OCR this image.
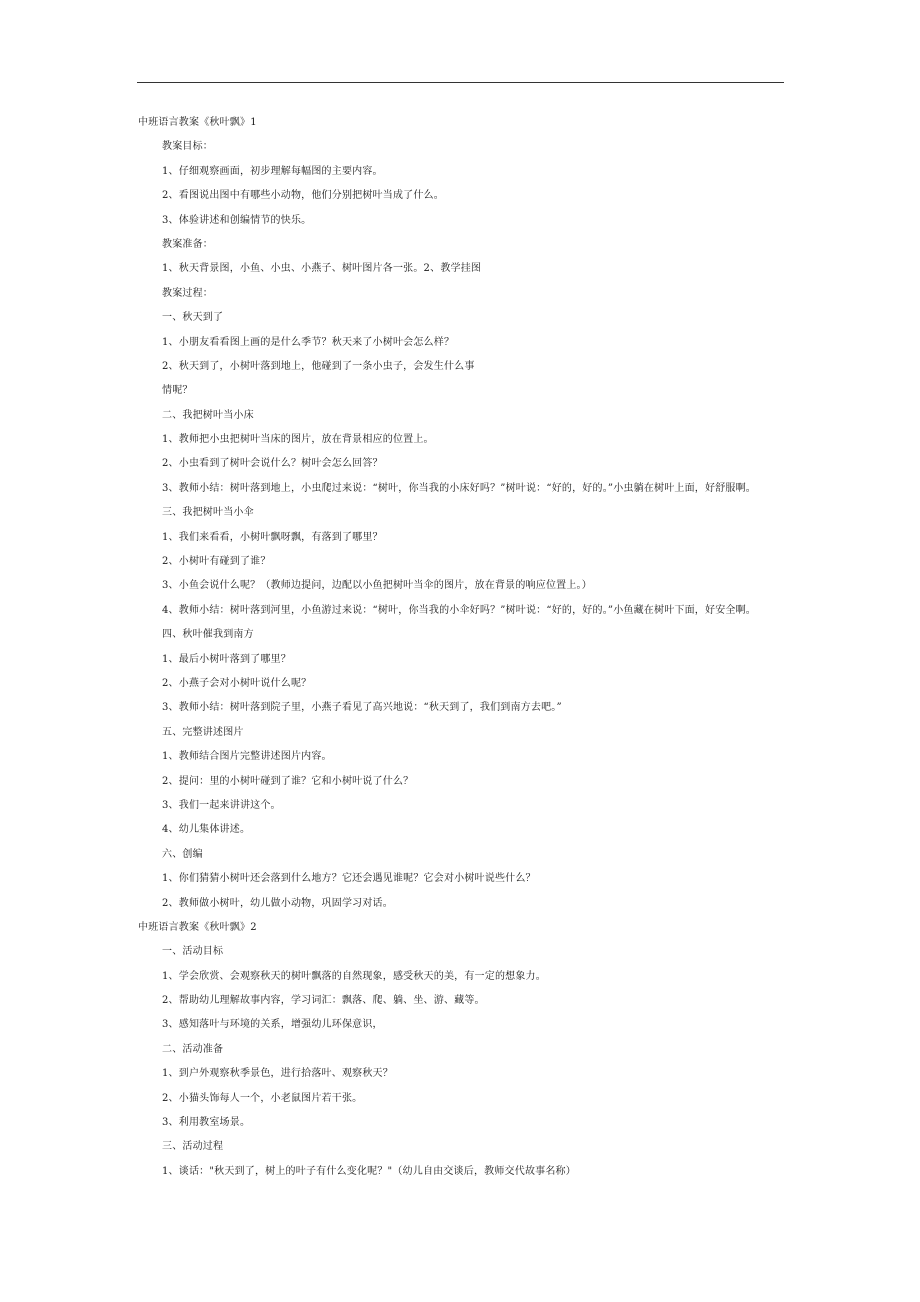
中班语言教案《秋叶飘》1
教案目标：
1、仔细观察画面，初步理解每幅图的主要内容。
2、看图说出图中有哪些小动物，他们分别把树叶当成了什么。
3、体验讲述和创编情节的快乐。
教案准备：
1、秋天背景图，小鱼、小虫、小燕子、树叶图片各一张。2、教学挂图
教案过程：
一、秋天到了
1、小朋友看看图上画的是什么季节？秋天来了小树叶会怎么样？
2、秋天到了，小树叶落到地上，他碰到了一条小虫子，会发生什么事
情呢？
二、我把树叶当小床
1、教师把小虫把树叶当床的图片，放在背景相应的位置上。
2、小虫看到了树叶会说什么？树叶会怎么回答？
3、教师小结：树叶落到地上，小虫爬过来说：“树叶，你当我的小床好吗？”树叶说：“好的，好的。”小虫躺在树叶上面，好舒服啊。
三、我把树叶当小伞
1、我们来看看，小树叶飘呀飘，有落到了哪里？
2、小树叶有碰到了谁？
3、小鱼会说什么呢？（教师边提问，边配以小鱼把树叶当伞的图片，放在背景的响应位置上。）
4、教师小结：树叶落到河里，小鱼游过来说：“树叶，你当我的小伞好吗？”树叶说：“好的，好的。”小鱼藏在树叶下面，好安全啊。
四、秋叶催我到南方
1、最后小树叶落到了哪里？
2、小燕子会对小树叶说什么呢？
3、教师小结：树叶落到院子里，小燕子看见了高兴地说：“秋天到了，我们到南方去吧。”
五、完整讲述图片
1、教师结合图片完整讲述图片内容。
2、提问：里的小树叶碰到了谁？它和小树叶说了什么？
3、我们一起来讲讲这个。
4、幼儿集体讲述。
六、创编
1、你们猜猜小树叶还会落到什么地方？它还会遇见谁呢？它会对小树叶说些什么？
2、教师做小树叶，幼儿做小动物，巩固学习对话。
中班语言教案《秋叶飘》2
一、活动目标
1、学会欣赏、会观察秋天的树叶飘落的自然现象，感受秋天的美，有一定的想象力。
2、帮助幼儿理解故事内容，学习词汇：飘落、爬、躺、坐、游、藏等。
3、感知落叶与环境的关系，增强幼儿环保意识，
二、活动准备
1、到户外观察秋季景色，进行拾落叶、观察秋天？
2、小猫头饰每人一个，小老鼠图片若干张。
3、利用教室场景。
三、活动过程
1、谈话："秋天到了，树上的叶子有什么变化呢？"（幼儿自由交谈后，教师交代故事名称）
